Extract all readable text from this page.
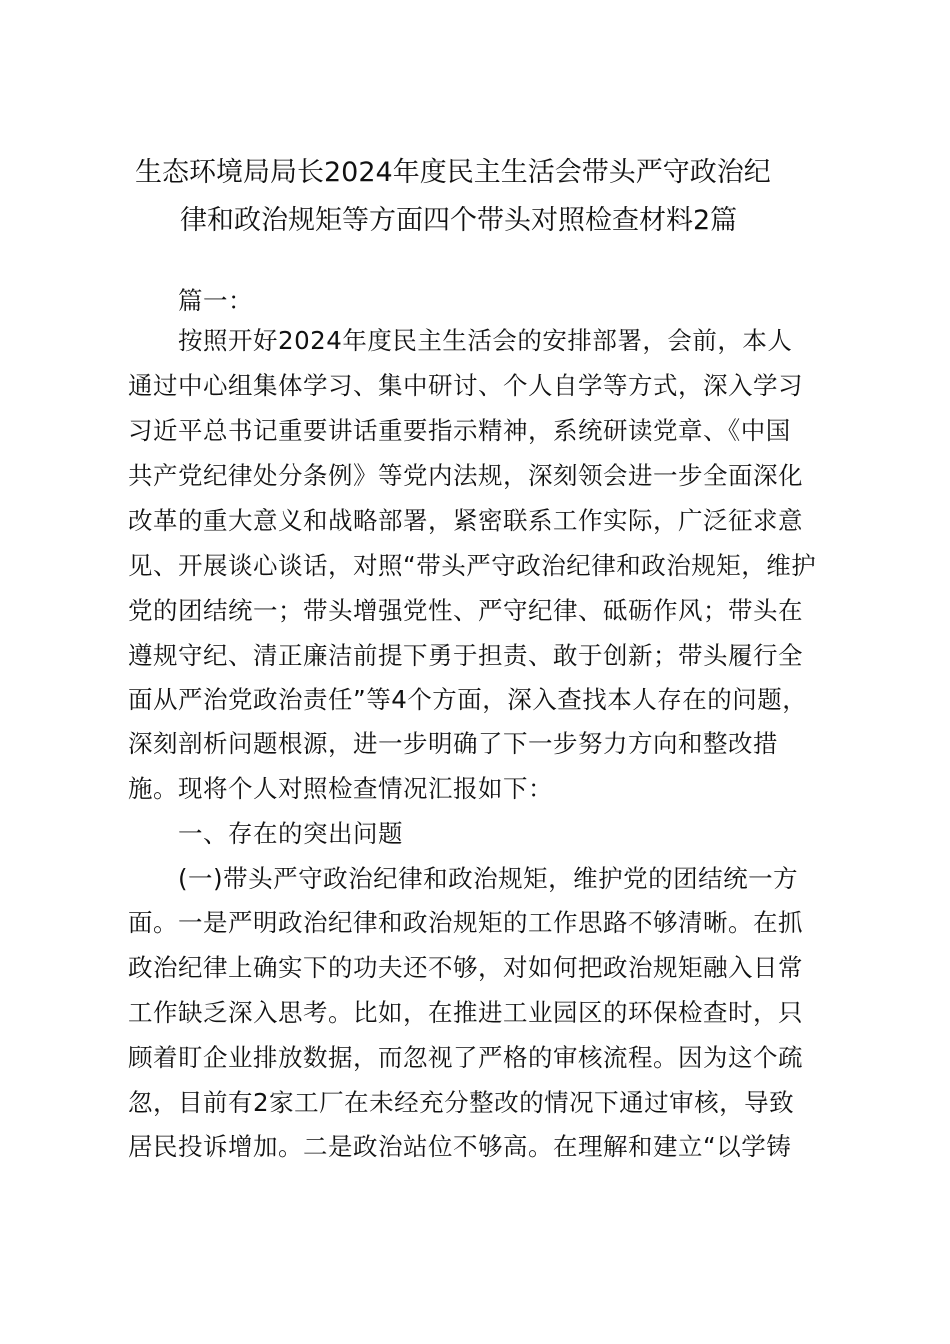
生态环境局局长2024年度民主生活会带头严守政治纪
律和政治规矩等方面四个带头对照检查材料2篇
篇一：
按照开好2024年度民主生活会的安排部署，会前，本人
通过中心组集体学习、集中研讨、个人自学等方式，深入学习
习近平总书记重要讲话重要指示精神，系统研读党章、《中国
共产党纪律处分条例》等党内法规，深刻领会进一步全面深化
改革的重大意义和战略部署，紧密联系工作实际，广泛征求意
见、开展谈心谈话，对照“带头严守政治纪律和政治规矩，维护
党的团结统一；带头增强党性、严守纪律、砥砺作风；带头在
遵规守纪、清正廉洁前提下勇于担责、敢于创新；带头履行全
面从严治党政治责任”等4个方面，深入查找本人存在的问题，
深刻剖析问题根源，进一步明确了下一步努力方向和整改措
施。现将个人对照检查情况汇报如下：
一、存在的突出问题
(一)带头严守政治纪律和政治规矩，维护党的团结统一方
面。一是严明政治纪律和政治规矩的工作思路不够清晰。在抓
政治纪律上确实下的功夫还不够，对如何把政治规矩融入日常
工作缺乏深入思考。比如，在推进工业园区的环保检查时，只
顾着盯企业排放数据，而忽视了严格的审核流程。因为这个疏
忽，目前有2家工厂在未经充分整改的情况下通过审核，导致
居民投诉增加。二是政治站位不够高。在理解和建立“以学铸
